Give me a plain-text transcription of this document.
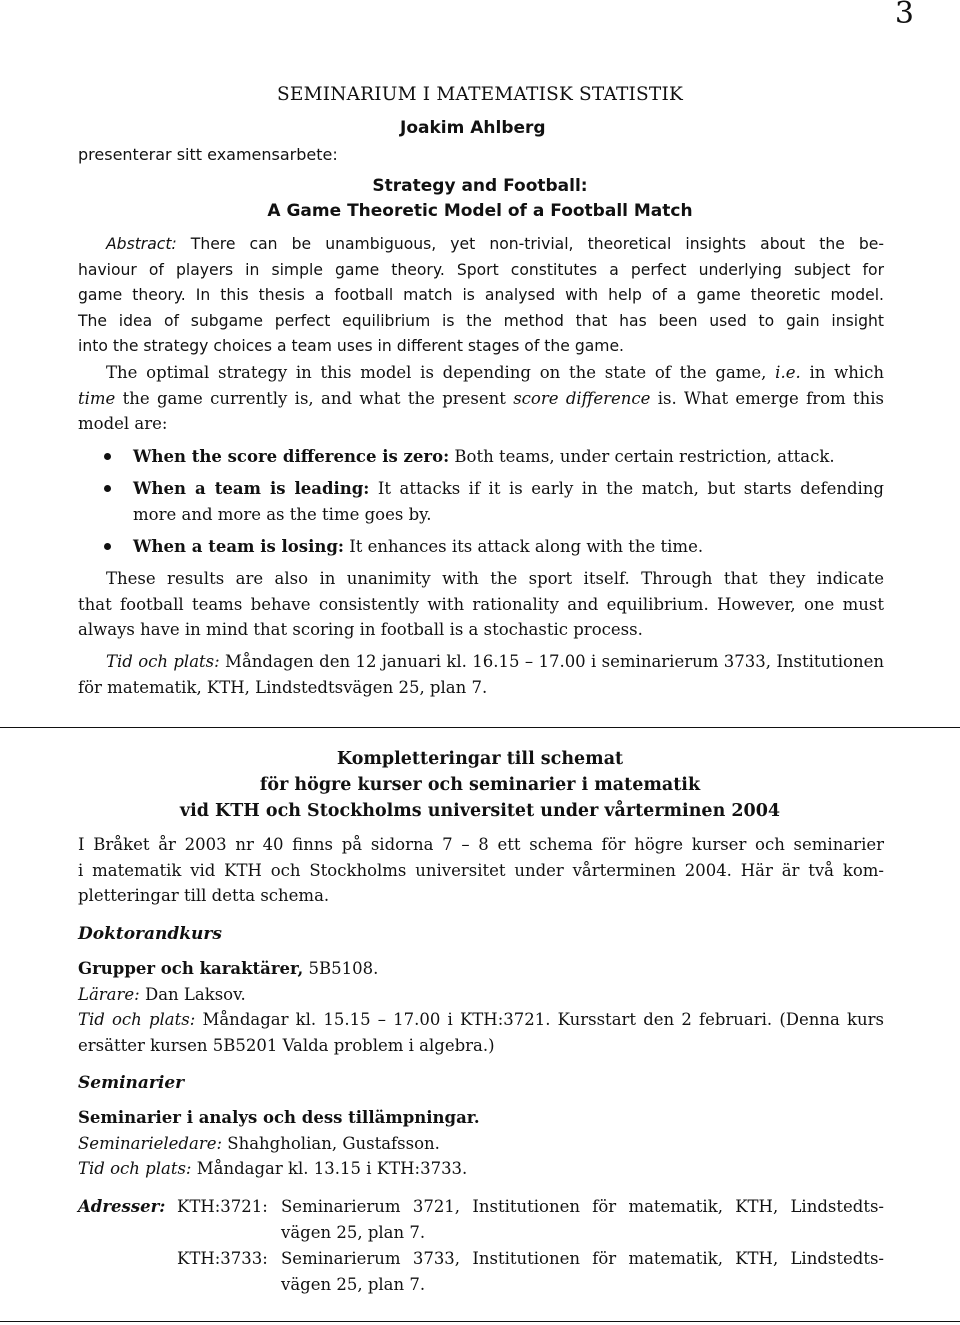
3
SEMINARIUM I MATEMATISK STATISTIK
Joakim Ahlberg
presenterar sitt examensarbete:
Strategy and Football:
A Game Theoretic Model of a Football Match
Abstract: There can be unambiguous, yet non-trivial, theoretical insights about the be-
haviour of players in simple game theory. Sport constitutes a perfect underlying subject for
game theory. In this thesis a football match is analysed with help of a game theoretic model.
The idea of subgame perfect equilibrium is the method that has been used to gain insight
into the strategy choices a team uses in different stages of the game.
The optimal strategy in this model is depending on the state of the game, i.e. in which
time the game currently is, and what the present score difference is. What emerge from this
model are:
When the score difference is zero: Both teams, under certain restriction, attack.
When a team is leading: It attacks if it is early in the match, but starts defending
more and more as the time goes by.
When a team is losing: It enhances its attack along with the time.
These results are also in unanimity with the sport itself. Through that they indicate
that football teams behave consistently with rationality and equilibrium. However, one must
always have in mind that scoring in football is a stochastic process.
Tid och plats: Måndagen den 12 januari kl. 16.15 – 17.00 i seminarierum 3733, Institutionen
för matematik, KTH, Lindstedtsvägen 25, plan 7.
Kompletteringar till schemat
för högre kurser och seminarier i matematik
vid KTH och Stockholms universitet under vårterminen 2004
I Bråket år 2003 nr 40 finns på sidorna 7 – 8 ett schema för högre kurser och seminarier
i matematik vid KTH och Stockholms universitet under vårterminen 2004. Här är två kom-
pletteringar till detta schema.
Doktorandkurs
Grupper och karaktärer, 5B5108.
Lärare: Dan Laksov.
Tid och plats: Måndagar kl. 15.15 – 17.00 i KTH:3721. Kursstart den 2 februari. (Denna kurs
ersätter kursen 5B5201 Valda problem i algebra.)
Seminarier
Seminarier i analys och dess tillämpningar.
Seminarieledare: Shahgholian, Gustafsson.
Tid och plats: Måndagar kl. 13.15 i KTH:3733.
Adresser: KTH:3721: Seminarierum 3721, Institutionen för matematik, KTH, Lindstedts-
vägen 25, plan 7.
KTH:3733: Seminarierum 3733, Institutionen för matematik, KTH, Lindstedts-
vägen 25, plan 7.
